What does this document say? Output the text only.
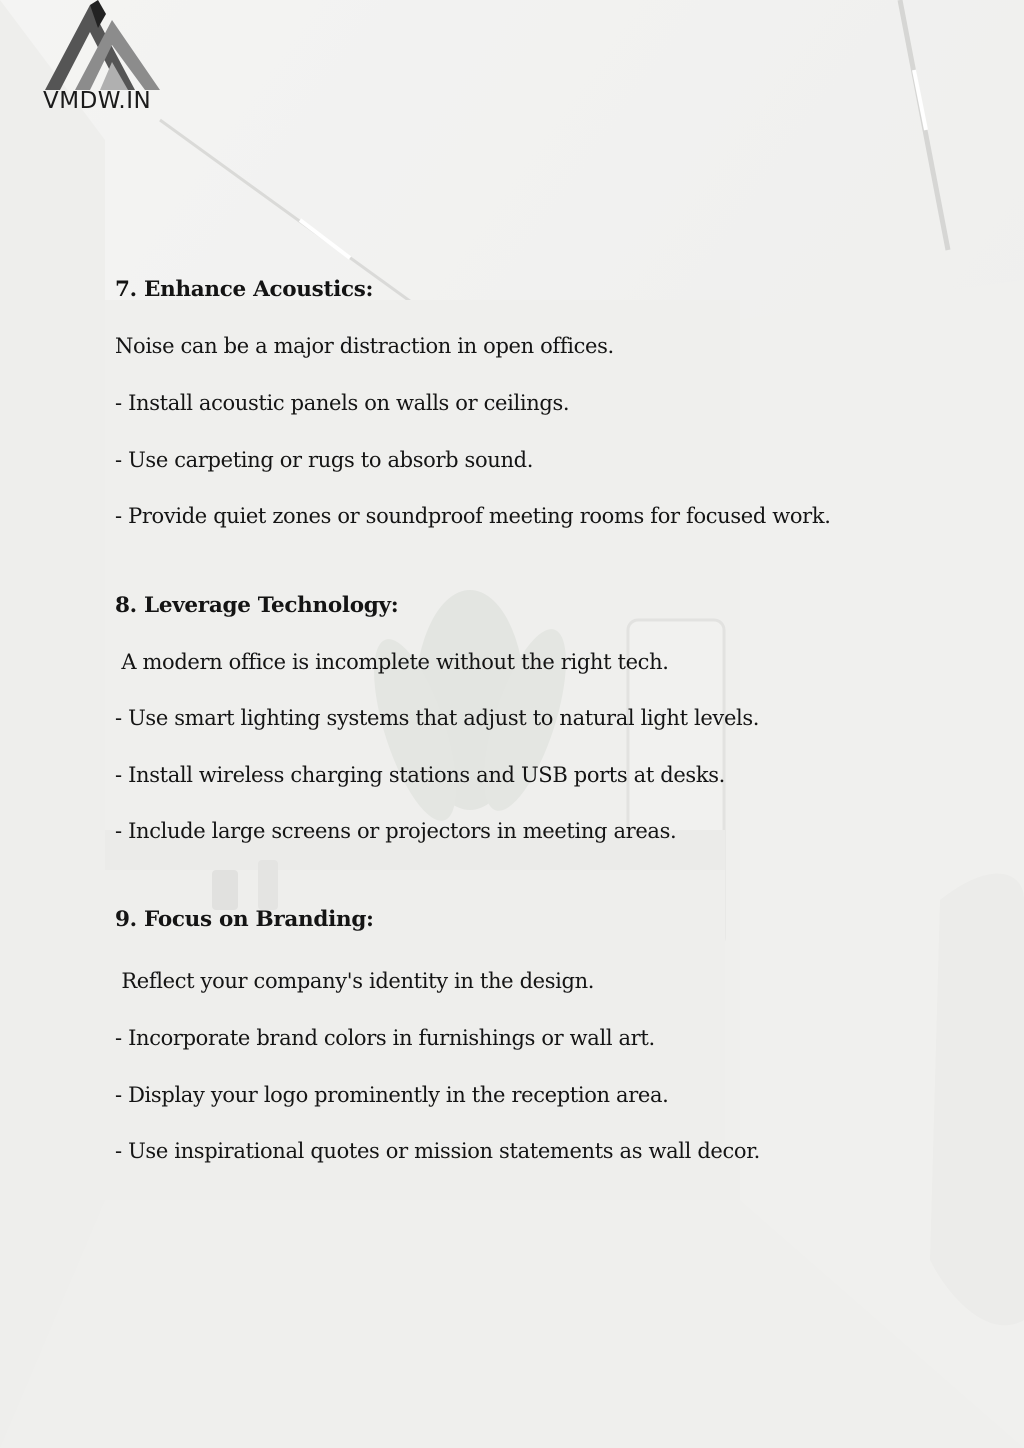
VMDW.IN
7. Enhance Acoustics:
Noise can be a major distraction in open offices.
- Install acoustic panels on walls or ceilings.
- Use carpeting or rugs to absorb sound.
- Provide quiet zones or soundproof meeting rooms for focused work.
8. Leverage Technology:
A modern office is incomplete without the right tech.
- Use smart lighting systems that adjust to natural light levels.
- Install wireless charging stations and USB ports at desks.
- Include large screens or projectors in meeting areas.
9. Focus on Branding:
Reflect your company's identity in the design.
- Incorporate brand colors in furnishings or wall art.
- Display your logo prominently in the reception area.
- Use inspirational quotes or mission statements as wall decor.
